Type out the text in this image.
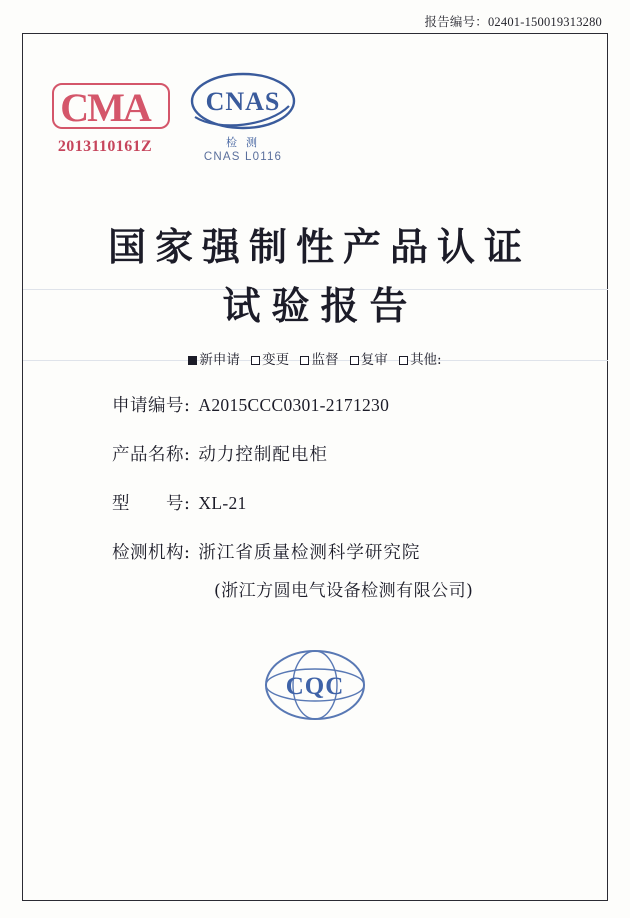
报告编号：02401-150019313280
CMA
2013110161Z
CNAS
检 测
CNAS L0116
国家强制性产品认证
试验报告
新申请 变更 监督 复审 其他:
申请编号: A2015CCC0301-2171230
产品名称: 动力控制配电柜
型　　号: XL-21
检测机构: 浙江省质量检测科学研究院
(浙江方圆电气设备检测有限公司)
CQC
